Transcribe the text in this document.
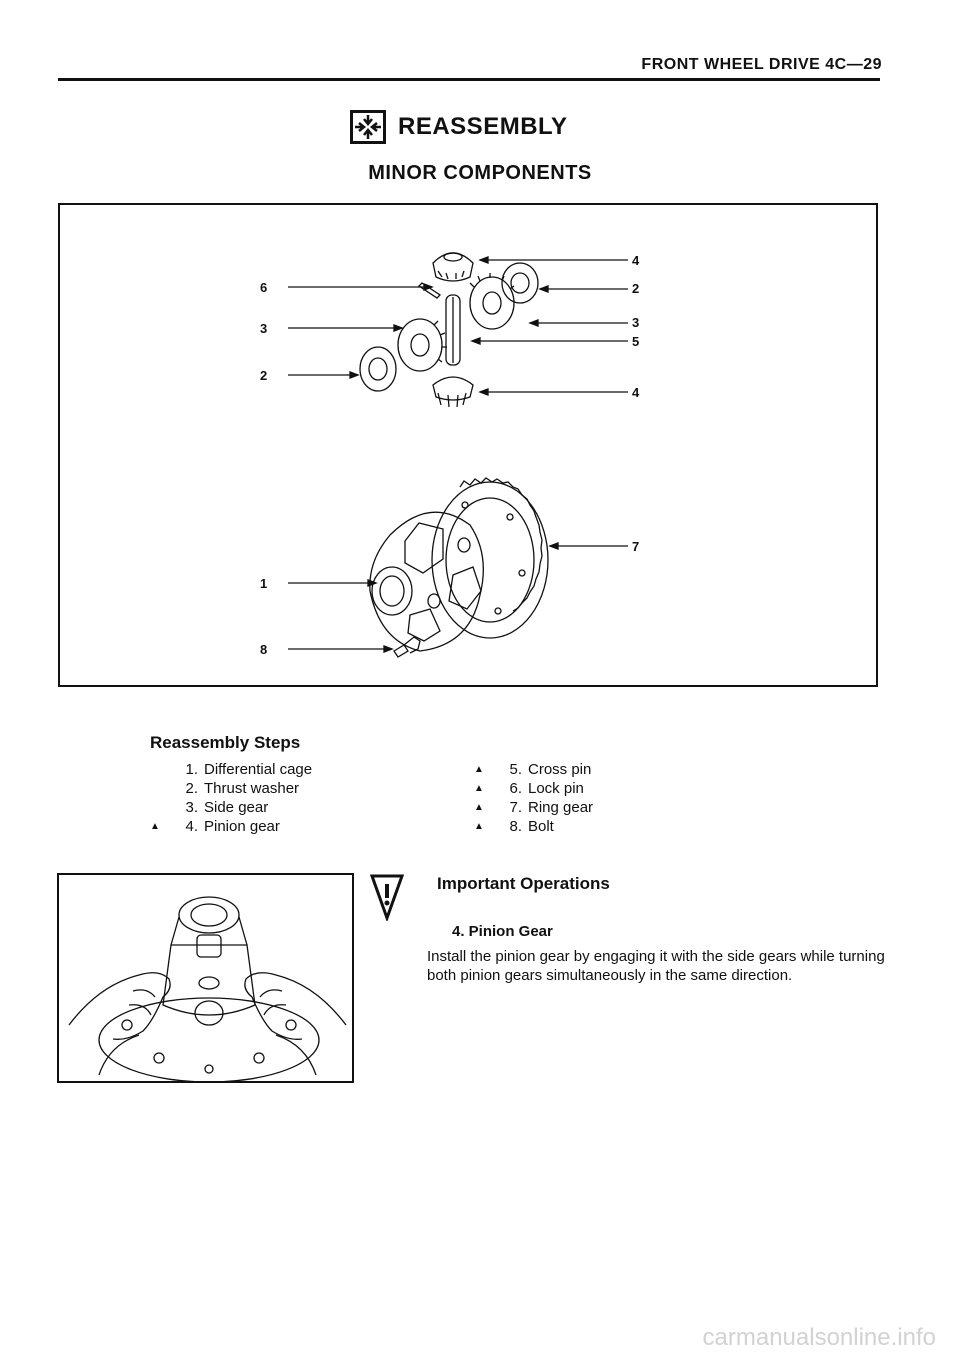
FRONT WHEEL DRIVE 4C—29
REASSEMBLY
MINOR COMPONENTS
4
2
3
5
4
6
3
2
7
1
8
Reassembly Steps
1. Differential cage
2. Thrust washer
3. Side gear
▲	4. Pinion gear
▲	5. Cross pin
▲	6. Lock pin
▲	7. Ring gear
▲	8. Bolt
Important Operations
4. Pinion Gear
Install the pinion gear by engaging it with the side gears while turning both pinion gears simultaneously in the same direction.
carmanualsonline.info
